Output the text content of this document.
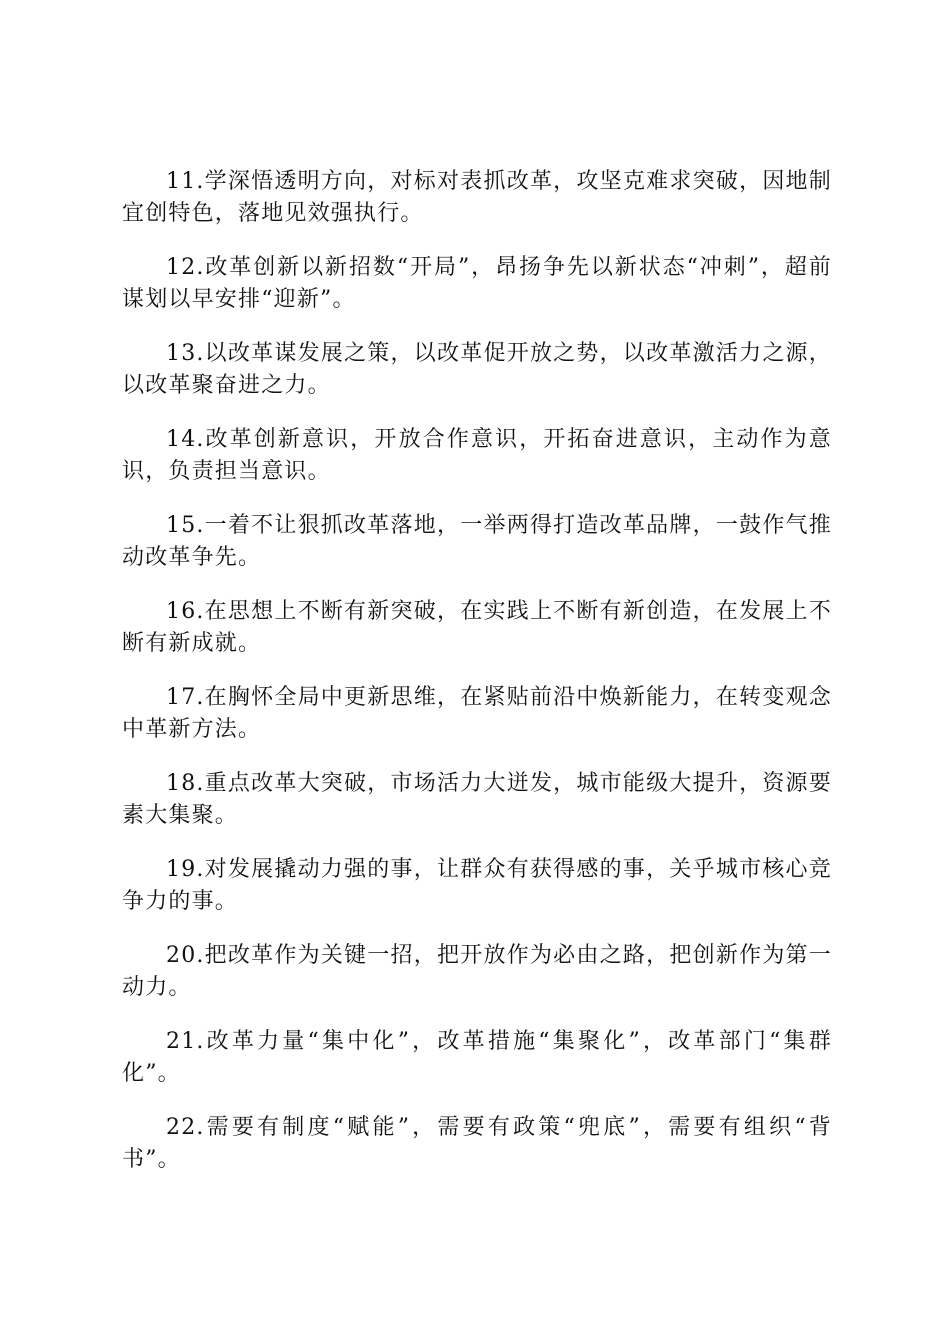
11.学深悟透明方向，对标对表抓改革，攻坚克难求突破，因地制宜创特色，落地见效强执行。

12.改革创新以新招数“开局”，昂扬争先以新状态“冲刺”，超前谋划以早安排“迎新”。

13.以改革谋发展之策，以改革促开放之势，以改革激活力之源，以改革聚奋进之力。

14.改革创新意识，开放合作意识，开拓奋进意识，主动作为意识，负责担当意识。

15.一着不让狠抓改革落地，一举两得打造改革品牌，一鼓作气推动改革争先。

16.在思想上不断有新突破，在实践上不断有新创造，在发展上不断有新成就。

17.在胸怀全局中更新思维，在紧贴前沿中焕新能力，在转变观念中革新方法。

18.重点改革大突破，市场活力大迸发，城市能级大提升，资源要素大集聚。

19.对发展撬动力强的事，让群众有获得感的事，关乎城市核心竞争力的事。

20.把改革作为关键一招，把开放作为必由之路，把创新作为第一动力。

21.改革力量“集中化”，改革措施“集聚化”，改革部门“集群化”。

22.需要有制度“赋能”，需要有政策“兜底”，需要有组织“背书”。
